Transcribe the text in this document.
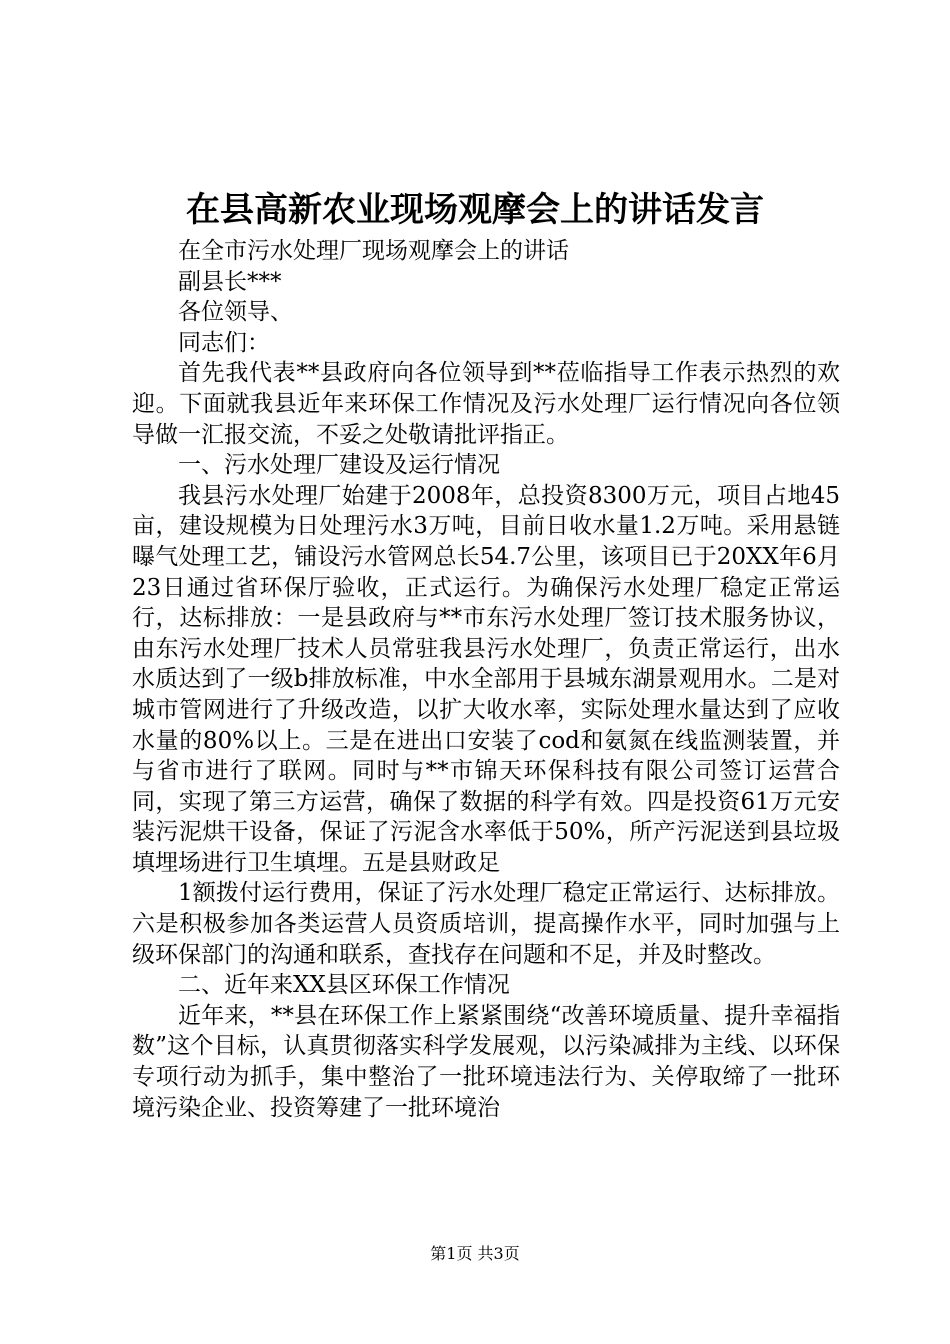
在县高新农业现场观摩会上的讲话发言

在全市污水处理厂现场观摩会上的讲话

副县长***

各位领导、

同志们：

首先我代表**县政府向各位领导到**莅临指导工作表示热烈的欢迎。下面就我县近年来环保工作情况及污水处理厂运行情况向各位领导做一汇报交流，不妥之处敬请批评指正。

一、污水处理厂建设及运行情况

我县污水处理厂始建于2008年，总投资8300万元，项目占地45亩，建设规模为日处理污水3万吨，目前日收水量1.2万吨。采用悬链曝气处理工艺，铺设污水管网总长54.7公里，该项目已于20XX年6月23日通过省环保厅验收，正式运行。为确保污水处理厂稳定正常运行，达标排放：一是县政府与**市东污水处理厂签订技术服务协议，由东污水处理厂技术人员常驻我县污水处理厂，负责正常运行，出水水质达到了一级b排放标准，中水全部用于县城东湖景观用水。二是对城市管网进行了升级改造，以扩大收水率，实际处理水量达到了应收水量的80%以上。三是在进出口安装了cod和氨氮在线监测装置，并与省市进行了联网。同时与**市锦天环保科技有限公司签订运营合同，实现了第三方运营，确保了数据的科学有效。四是投资61万元安装污泥烘干设备，保证了污泥含水率低于50%，所产污泥送到县垃圾填埋场进行卫生填埋。五是县财政足

1额拨付运行费用，保证了污水处理厂稳定正常运行、达标排放。六是积极参加各类运营人员资质培训，提高操作水平，同时加强与上级环保部门的沟通和联系，查找存在问题和不足，并及时整改。

二、近年来XX县区环保工作情况

近年来，**县在环保工作上紧紧围绕“改善环境质量、提升幸福指数”这个目标，认真贯彻落实科学发展观，以污染减排为主线、以环保专项行动为抓手，集中整治了一批环境违法行为、关停取缔了一批环境污染企业、投资筹建了一批环境治

第1页 共3页
